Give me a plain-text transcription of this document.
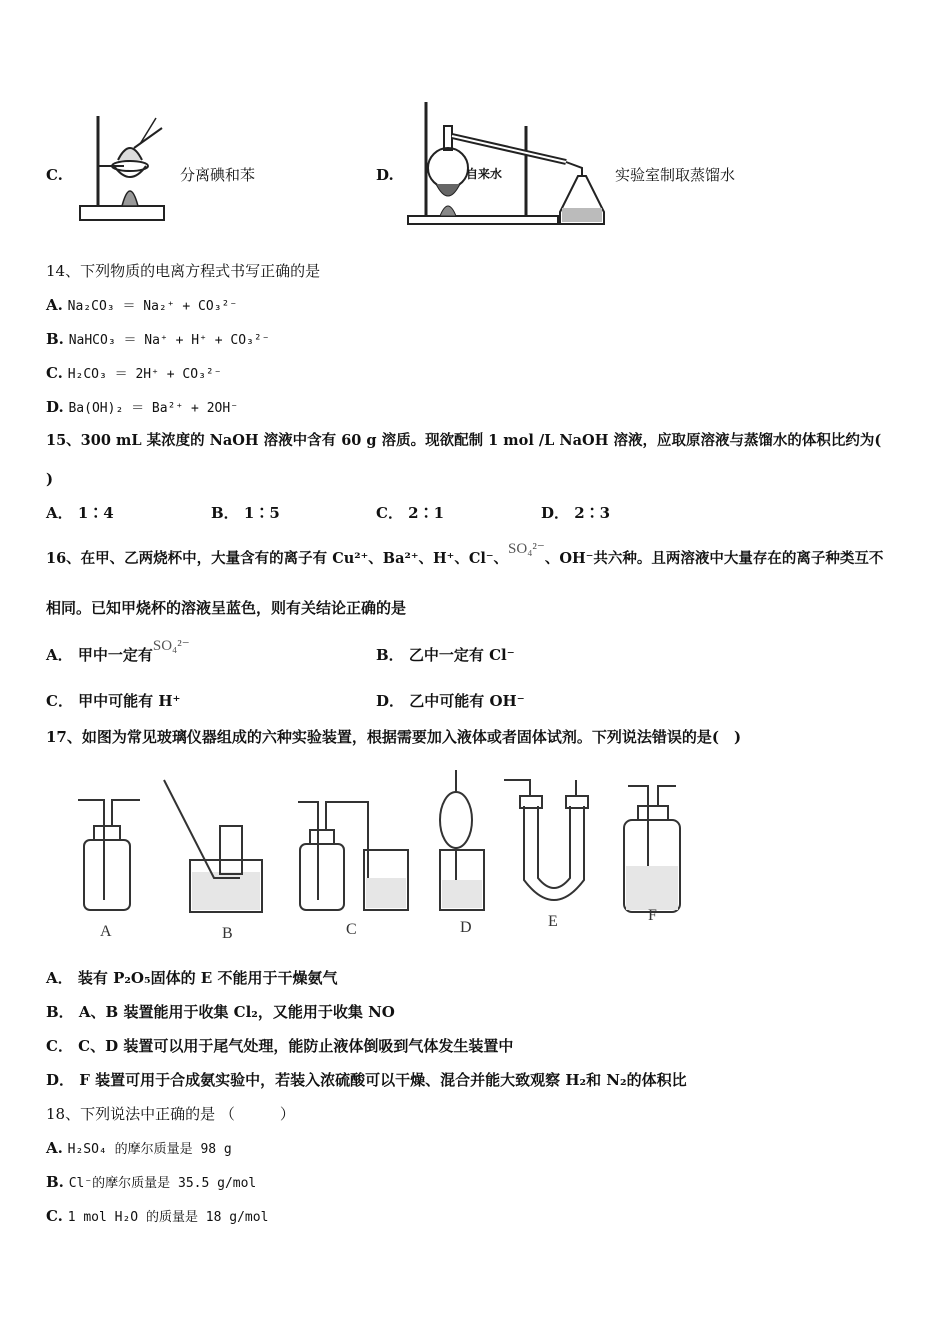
C.	分离碘和苯	D.	自来水	实验室制取蒸馏水
14、下列物质的电离方程式书写正确的是
A. Na₂CO₃ ＝ Na₂⁺ + CO₃²⁻
B. NaHCO₃ ＝ Na⁺ + H⁺ + CO₃²⁻
C. H₂CO₃ ＝ 2H⁺ + CO₃²⁻
D. Ba(OH)₂ ＝ Ba²⁺ + 2OH⁻
15、300 mL 某浓度的 NaOH 溶液中含有 60 g 溶质。现欲配制 1 mol /L NaOH 溶液，应取原溶液与蒸馏水的体积比约为(
)
A． 1∶4	B． 1∶5	C． 2∶1	D． 2∶3
16、在甲、乙两烧杯中，大量含有的离子有 Cu²⁺、Ba²⁺、H⁺、Cl⁻、SO₄²⁻、OH⁻共六种。且两溶液中大量存在的离子种类互不
相同。已知甲烧杯的溶液呈蓝色，则有关结论正确的是
A． 甲中一定有SO₄²⁻	B． 乙中一定有 Cl⁻
C． 甲中可能有 H⁺	D． 乙中可能有 OH⁻
17、如图为常见玻璃仪器组成的六种实验装置，根据需要加入液体或者固体试剂。下列说法错误的是(　)
A	B	C	D	E	F
A． 装有 P₂O₅固体的 E 不能用于干燥氨气
B． A、B 装置能用于收集 Cl₂，又能用于收集 NO
C． C、D 装置可以用于尾气处理，能防止液体倒吸到气体发生装置中
D． F 装置可用于合成氨实验中，若装入浓硫酸可以干燥、混合并能大致观察 H₂和 N₂的体积比
18、下列说法中正确的是 （　　　）
A. H₂SO₄ 的摩尔质量是 98 g
B. Cl⁻的摩尔质量是 35.5 g/mol
C. 1 mol H₂O 的质量是 18 g/mol
